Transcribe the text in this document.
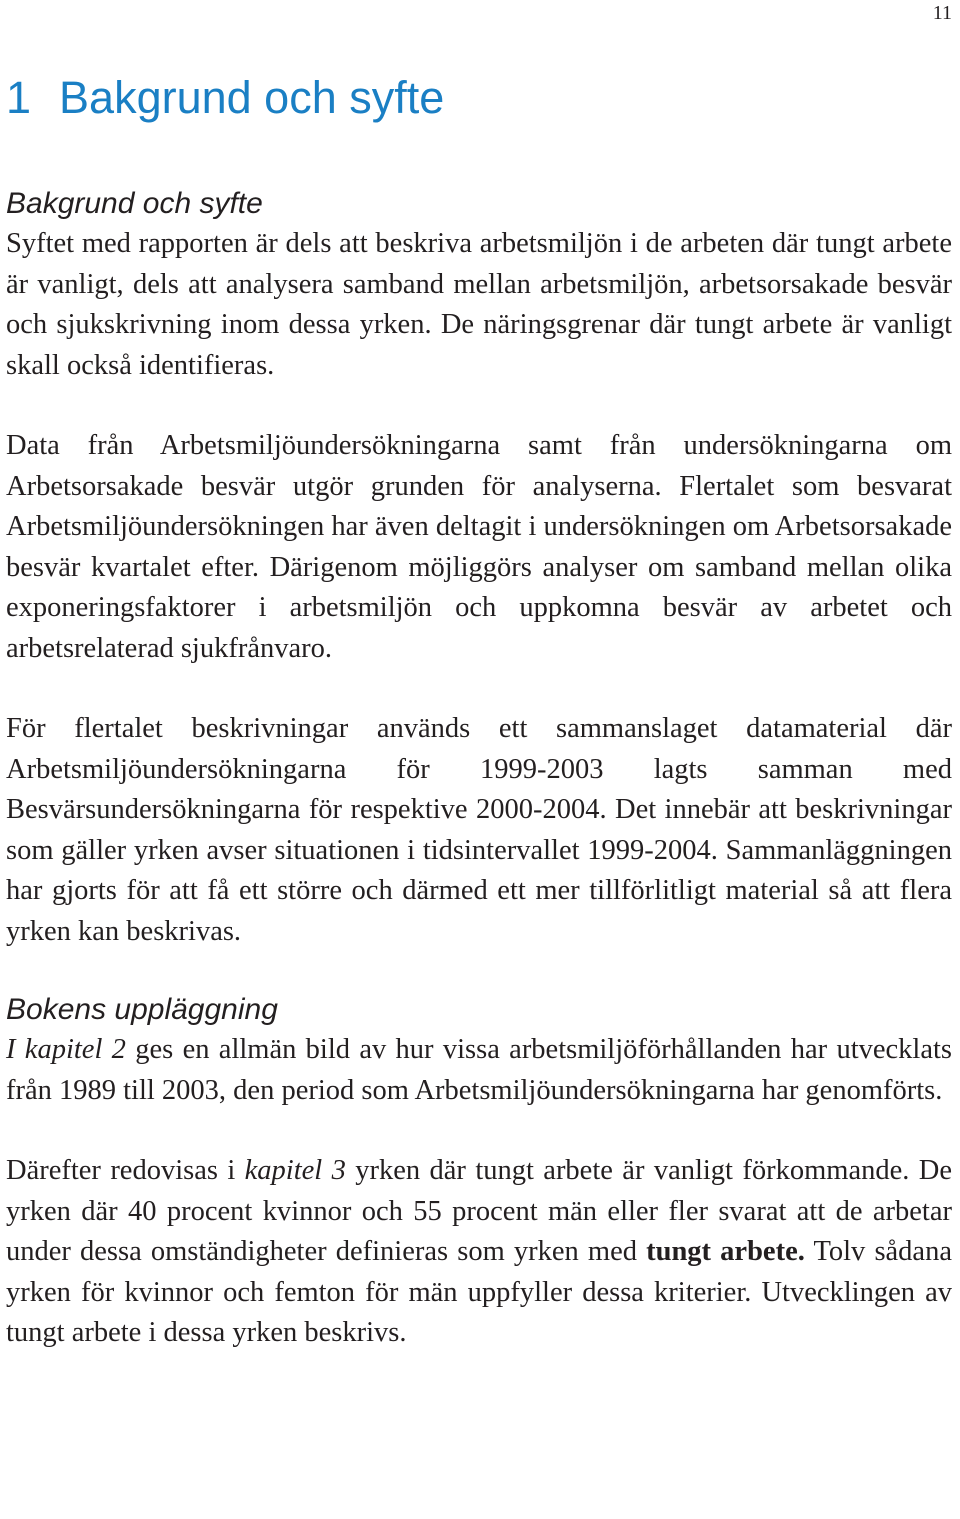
11
1 Bakgrund och syfte
Bakgrund och syfte

Syftet med rapporten är dels att beskriva arbetsmiljön i de arbeten där tungt arbete är vanligt, dels att analysera samband mellan arbetsmiljön, arbetsorsakade besvär och sjukskrivning inom dessa yrken. De näringsgrenar där tungt arbete är vanligt skall också identifieras.

Data från Arbetsmiljöundersökningarna samt från undersökningarna om Arbetsorsakade besvär utgör grunden för analyserna. Flertalet som besvarat Arbetsmiljöundersökningen har även deltagit i undersökningen om Arbetsorsakade besvär kvartalet efter. Därigenom möjliggörs analyser om samband mellan olika exponeringsfaktorer i arbetsmiljön och uppkomna besvär av arbetet och arbetsrelaterad sjukfrånvaro.

För flertalet beskrivningar används ett sammanslaget datamaterial där Arbetsmiljöundersökningarna för 1999-2003 lagts samman med Besvärsundersökningarna för respektive 2000-2004. Det innebär att beskrivningar som gäller yrken avser situationen i tidsintervallet 1999-2004. Sammanläggningen har gjorts för att få ett större och därmed ett mer tillförlitligt material så att flera yrken kan beskrivas.

Bokens uppläggning

I kapitel 2 ges en allmän bild av hur vissa arbetsmiljöförhållanden har utvecklats från 1989 till 2003, den period som Arbetsmiljöundersökningarna har genomförts.

Därefter redovisas i kapitel 3 yrken där tungt arbete är vanligt förkommande. De yrken där 40 procent kvinnor och 55 procent män eller fler svarat att de arbetar under dessa omständigheter definieras som yrken med tungt arbete. Tolv sådana yrken för kvinnor och femton för män uppfyller dessa kriterier. Utvecklingen av tungt arbete i dessa yrken beskrivs.
